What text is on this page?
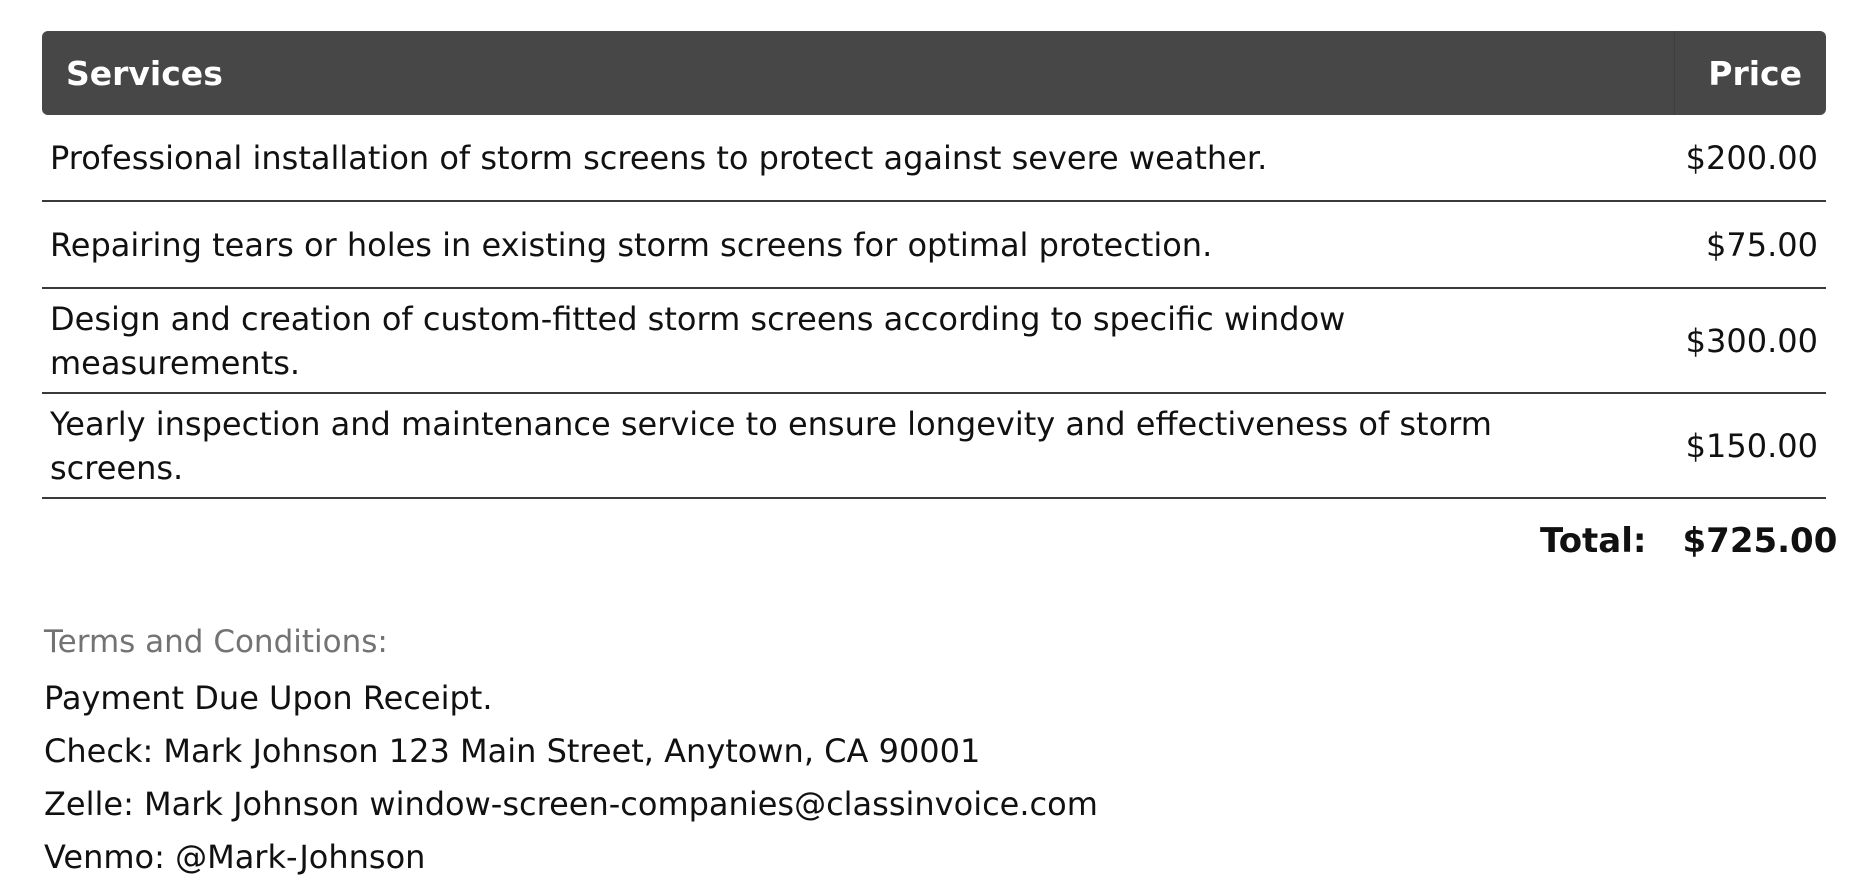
Services	Price
Professional installation of storm screens to protect against severe weather.	$200.00
Repairing tears or holes in existing storm screens for optimal protection.	$75.00
Design and creation of custom-fitted storm screens according to specific window measurements.	$300.00
Yearly inspection and maintenance service to ensure longevity and effectiveness of storm screens.	$150.00
Total:	$725.00

Terms and Conditions:

Payment Due Upon Receipt.

Check: Mark Johnson 123 Main Street, Anytown, CA 90001

Zelle: Mark Johnson window-screen-companies@classinvoice.com

Venmo: @Mark-Johnson
